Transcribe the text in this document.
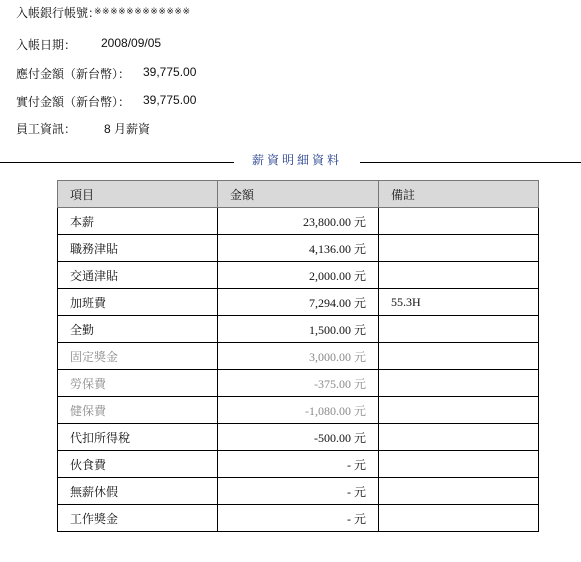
入帳銀行帳號：
※※※※※※※※※※※※
入帳日期： 2008/09/05
應付金額（新台幣）： 39,775.00
實付金額（新台幣）： 39,775.00
員工資訊： 8 月薪資
薪資明細資料
項目	金額	備註
本薪	23,800.00 元	
職務津貼	4,136.00 元	
交通津貼	2,000.00 元	
加班費	7,294.00 元	55.3H
全勤	1,500.00 元	
固定獎金	3,000.00 元	
勞保費	-375.00 元	
健保費	-1,080.00 元	
代扣所得稅	-500.00 元	
伙食費	- 元	
無薪休假	- 元	
工作獎金	- 元	
